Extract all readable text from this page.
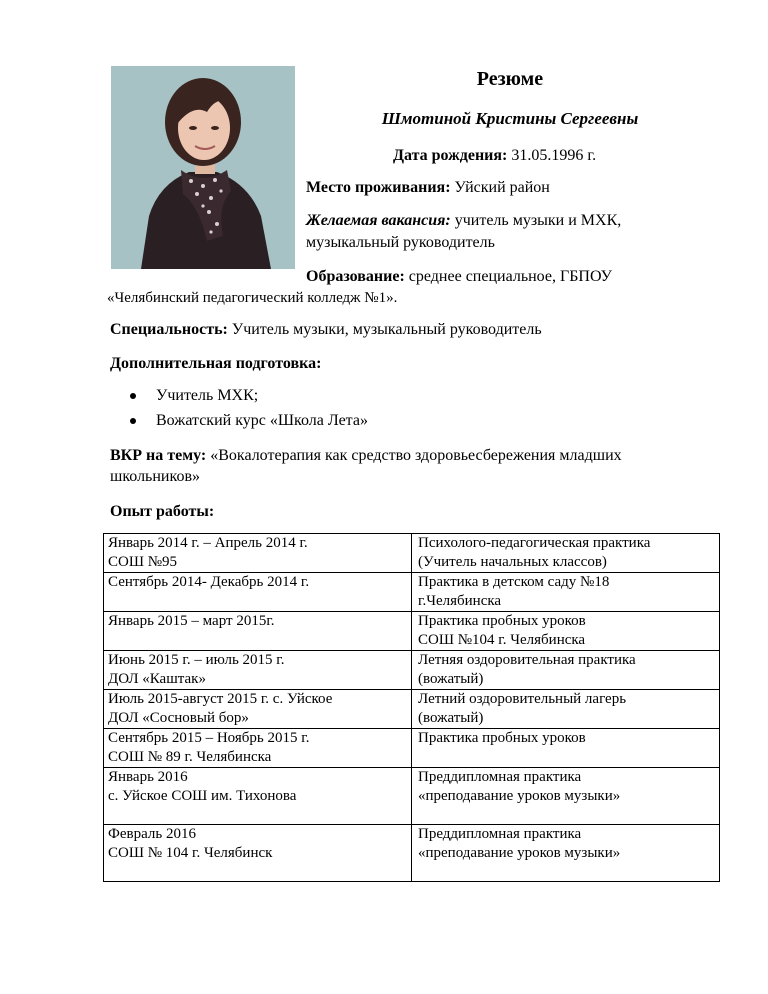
Резюме
Шмотиной Кристины Сергеевны
Дата рождения: 31.05.1996 г.
Место проживания: Уйский район
Желаемая вакансия: учитель музыки и МХК,
музыкальный руководитель
Образование: среднее специальное, ГБПОУ
«Челябинский педагогический колледж №1».
Специальность: Учитель музыки, музыкальный руководитель
Дополнительная подготовка:
Учитель МХК;
Вожатский курс «Школа Лета»
ВКР на тему: «Вокалотерапия как средство здоровьесбережения младших
школьников»
Опыт работы:
Январь 2014 г. – Апрель 2014 г.
СОШ №95	Психолого-педагогическая практика
(Учитель начальных классов)

Сентябрь 2014- Декабрь 2014 г.	Практика в детском саду №18
г.Челябинска

Январь 2015 – март 2015г.	Практика пробных уроков
СОШ №104 г. Челябинска

Июнь 2015 г. – июль 2015 г.
ДОЛ «Каштак»	Летняя оздоровительная практика
(вожатый)

Июль 2015-август 2015 г. с. Уйское
ДОЛ «Сосновый бор»	Летний оздоровительный лагерь
(вожатый)

Сентябрь 2015 – Ноябрь 2015 г.
СОШ № 89 г. Челябинска	Практика пробных уроков

Январь 2016
с. Уйское СОШ им. Тихонова	Преддипломная практика
«преподавание уроков музыки»

Февраль 2016
СОШ № 104 г. Челябинск	Преддипломная практика
«преподавание уроков музыки»
